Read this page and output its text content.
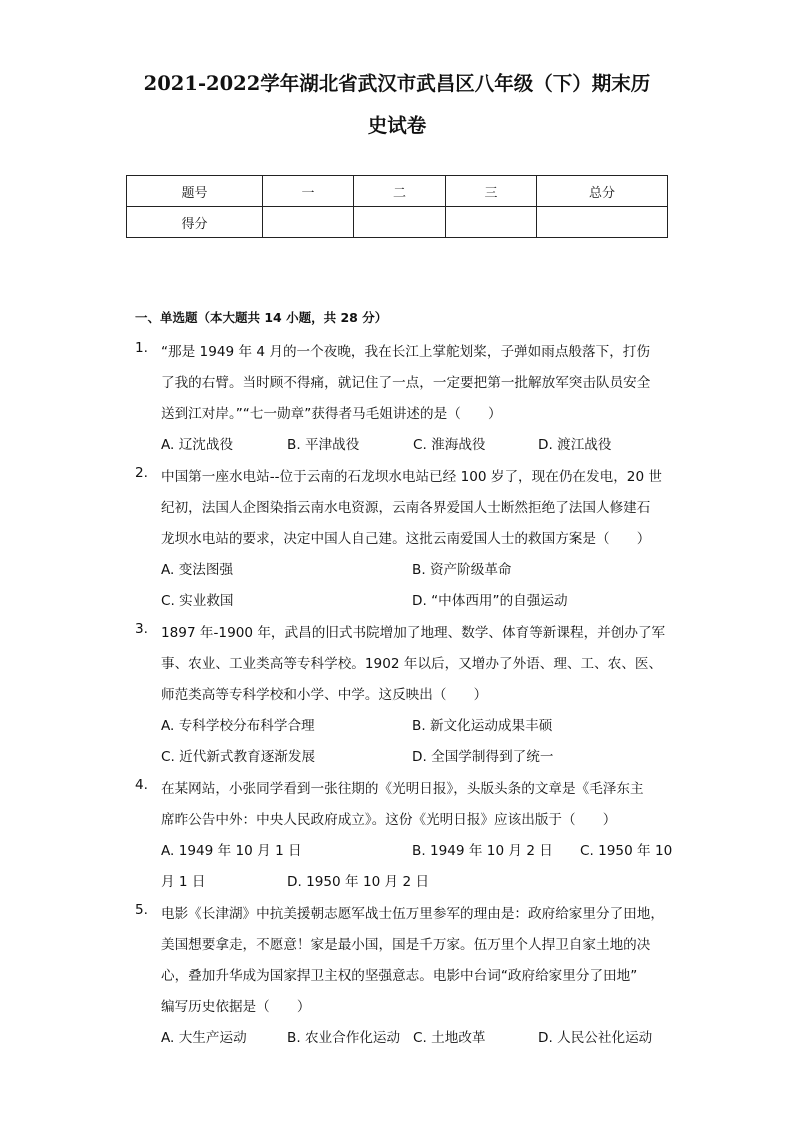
2021-2022学年湖北省武汉市武昌区八年级（下）期末历
史试卷
题号	一	二	三	总分
得分				
一、单选题（本大题共 14 小题，共 28 分）
1. “那是 1949 年 4 月的一个夜晚，我在长江上掌舵划桨，子弹如雨点般落下，打伤
了我的右臂。当时顾不得痛，就记住了一点，一定要把第一批解放军突击队员安全
送到江对岸。”“七一勋章”获得者马毛姐讲述的是（　　）
A. 辽沈战役	B. 平津战役	C. 淮海战役	D. 渡江战役
2. 中国第一座水电站--位于云南的石龙坝水电站已经 100 岁了，现在仍在发电，20 世
纪初，法国人企图染指云南水电资源，云南各界爱国人士断然拒绝了法国人修建石
龙坝水电站的要求，决定中国人自己建。这批云南爱国人士的救国方案是（　　）
A. 变法图强	B. 资产阶级革命
C. 实业救国	D. “中体西用”的自强运动
3. 1897 年-1900 年，武昌的旧式书院增加了地理、数学、体育等新课程，并创办了军
事、农业、工业类高等专科学校。1902 年以后，又增办了外语、理、工、农、医、
师范类高等专科学校和小学、中学。这反映出（　　）
A. 专科学校分布科学合理	B. 新文化运动成果丰硕
C. 近代新式教育逐渐发展	D. 全国学制得到了统一
4. 在某网站，小张同学看到一张往期的《光明日报》，头版头条的文章是《毛泽东主
席昨公告中外：中央人民政府成立》。这份《光明日报》应该出版于（　　）
A. 1949 年 10 月 1 日	B. 1949 年 10 月 2 日 C. 1950 年 10
月 1 日	D. 1950 年 10 月 2 日
5. 电影《长津湖》中抗美援朝志愿军战士伍万里参军的理由是：政府给家里分了田地，
美国想要拿走，不愿意！家是最小国，国是千万家。伍万里个人捍卫自家土地的决
心，叠加升华成为国家捍卫主权的坚强意志。电影中台词“政府给家里分了田地”
编写历史依据是（　　）
A. 大生产运动	B. 农业合作化运动 C. 土地改革	D. 人民公社化运动
